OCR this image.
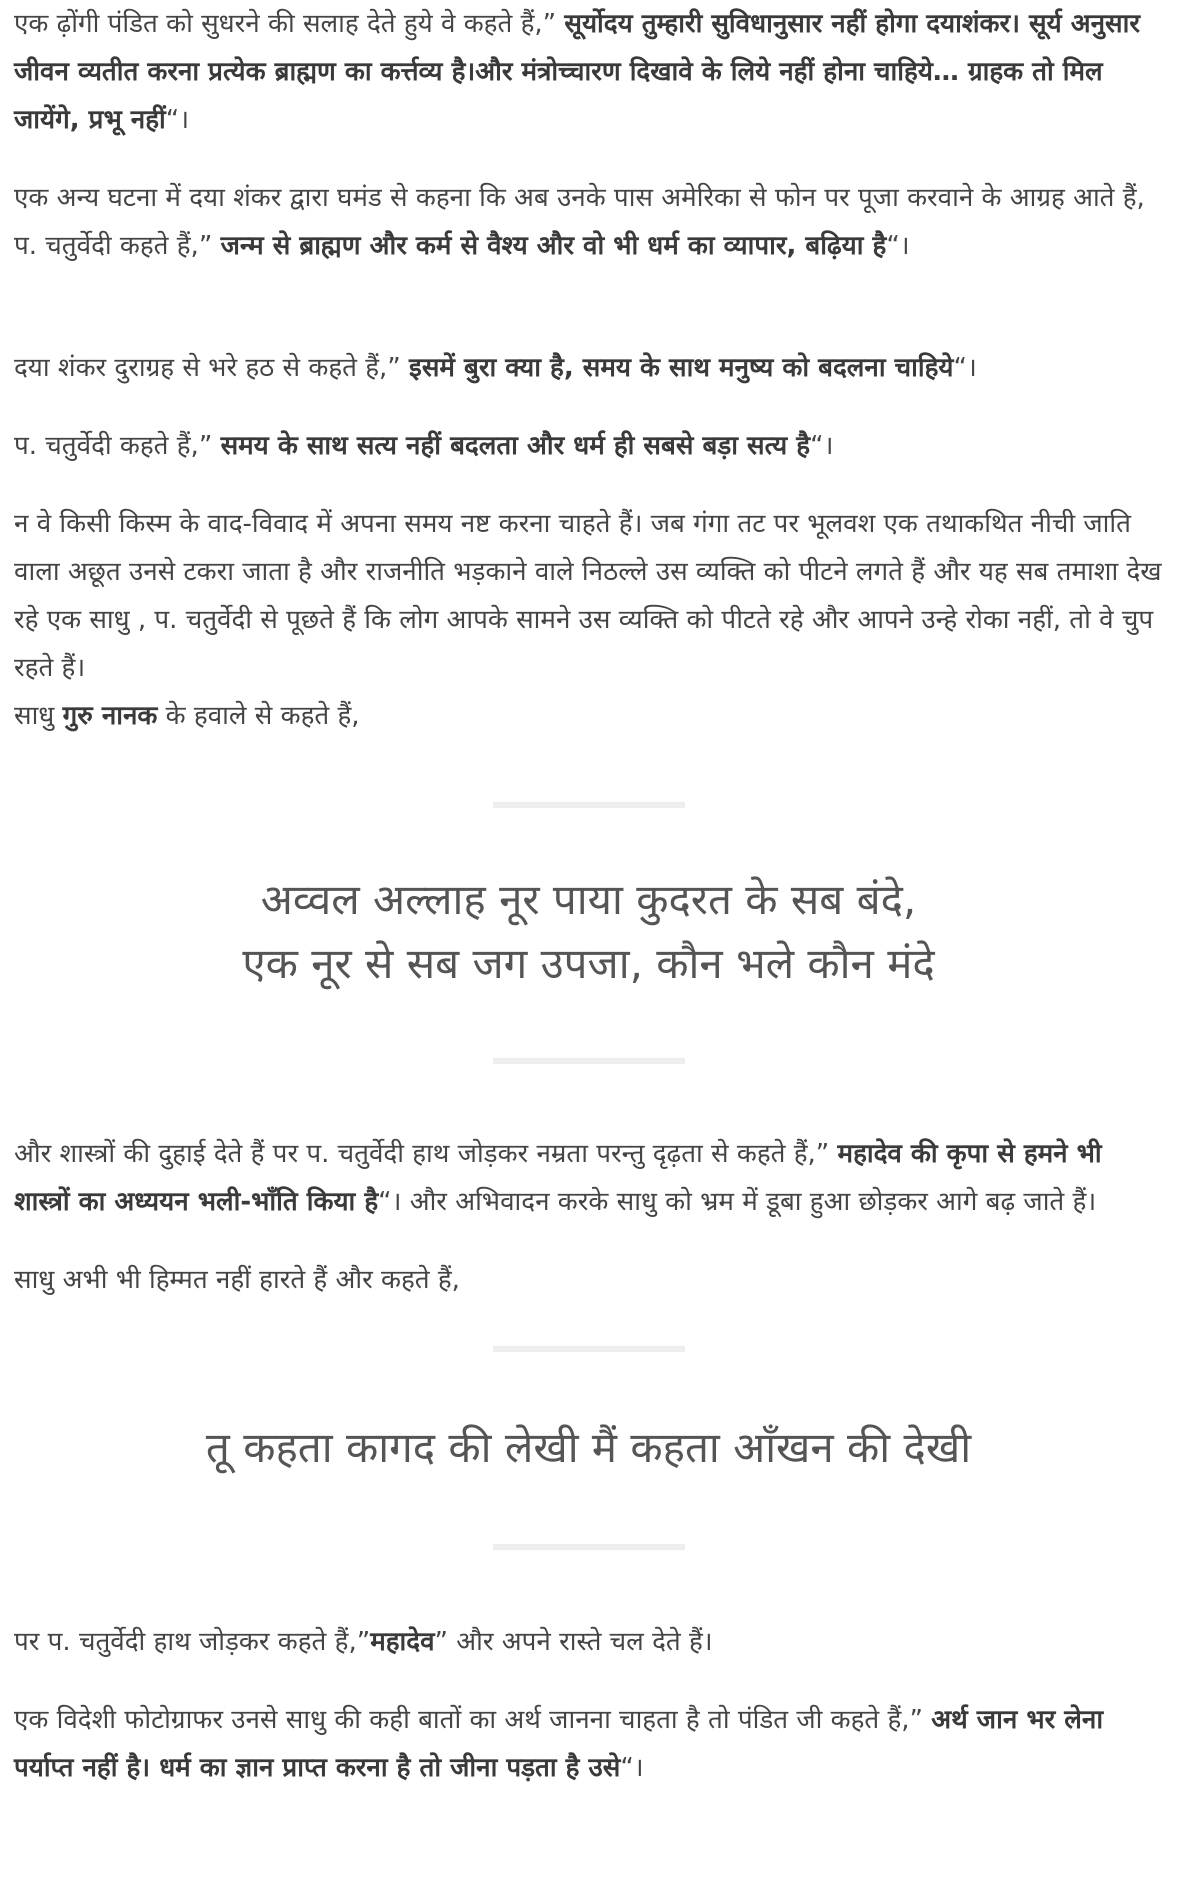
एक ढ़ोंगी पंडित को सुधरने की सलाह देते हुये वे कहते हैं,” सूर्योदय तुम्हारी सुविधानुसार नहीं होगा दयाशंकर। सूर्य अनुसार जीवन व्यतीत करना प्रत्येक ब्राह्मण का कर्त्तव्य है।और मंत्रोच्चारण दिखावे के लिये नहीं होना चाहिये… ग्राहक तो मिल जायेंगे, प्रभू नहीं“।

एक अन्य घटना में दया शंकर द्वारा घमंड से कहना कि अब उनके पास अमेरिका से फोन पर पूजा करवाने के आग्रह आते हैं, प. चतुर्वेदी कहते हैं,” जन्म से ब्राह्मण और कर्म से वैश्य और वो भी धर्म का व्यापार, बढ़िया है“।

दया शंकर दुराग्रह से भरे हठ से कहते हैं,” इसमें बुरा क्या है, समय के साथ मनुष्य को बदलना चाहिये“।

प. चतुर्वेदी कहते हैं,” समय के साथ सत्य नहीं बदलता और धर्म ही सबसे बड़ा सत्य है“।

न वे किसी किस्म के वाद-विवाद में अपना समय नष्ट करना चाहते हैं। जब गंगा तट पर भूलवश एक तथाकथित नीची जाति वाला अछूत उनसे टकरा जाता है और राजनीति भड़काने वाले निठल्ले उस व्यक्ति को पीटने लगते हैं और यह सब तमाशा देख रहे एक साधु , प. चतुर्वेदी से पूछते हैं कि लोग आपके सामने उस व्यक्ति को पीटते रहे और आपने उन्हे रोका नहीं, तो वे चुप रहते हैं।
साधु गुरु नानक के हवाले से कहते हैं,

अव्वल अल्लाह नूर पाया कुदरत के सब बंदे,
एक नूर से सब जग उपजा, कौन भले कौन मंदे

और शास्त्रों की दुहाई देते हैं पर प. चतुर्वेदी हाथ जोड़कर नम्रता परन्तु दृढ़ता से कहते हैं,” महादेव की कृपा से हमने भी शास्त्रों का अध्ययन भली-भाँति किया है“। और अभिवादन करके साधु को भ्रम में डूबा हुआ छोड़कर आगे बढ़ जाते हैं।

साधु अभी भी हिम्मत नहीं हारते हैं और कहते हैं,

तू कहता कागद की लेखी मैं कहता आँखन की देखी

पर प. चतुर्वेदी हाथ जोड़कर कहते हैं,”महादेव” और अपने रास्ते चल देते हैं।

एक विदेशी फोटोग्राफर उनसे साधु की कही बातों का अर्थ जानना चाहता है तो पंडित जी कहते हैं,” अर्थ जान भर लेना पर्याप्त नहीं है। धर्म का ज्ञान प्राप्त करना है तो जीना पड़ता है उसे“।
